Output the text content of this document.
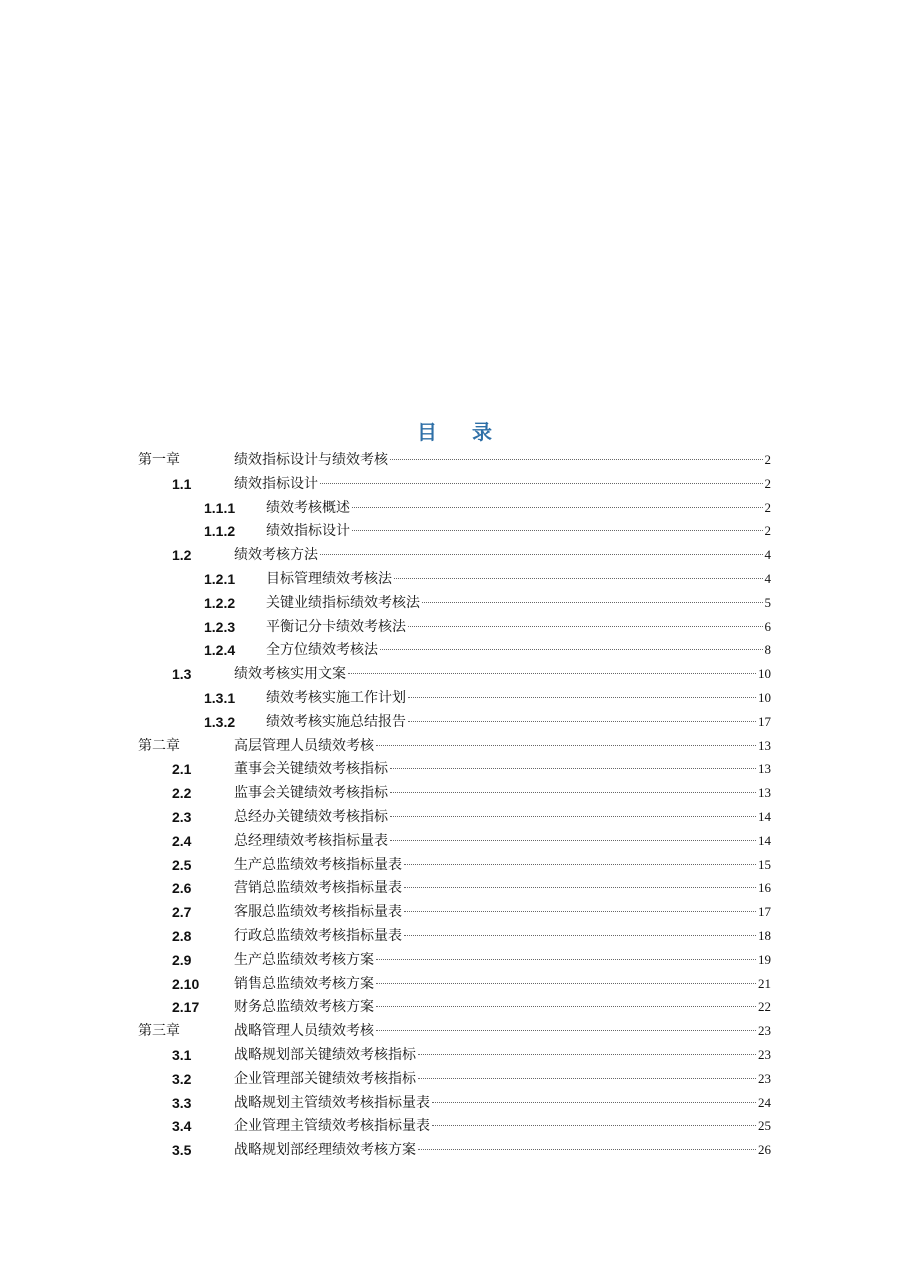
目 录
第一章	绩效指标设计与绩效考核	2
1.1	绩效指标设计	2
1.1.1 绩效考核概述	2
1.1.2 绩效指标设计	2
1.2	绩效考核方法	4
1.2.1 目标管理绩效考核法	4
1.2.2 关键业绩指标绩效考核法	5
1.2.3 平衡记分卡绩效考核法	6
1.2.4 全方位绩效考核法	8
1.3	绩效考核实用文案	10
1.3.1 绩效考核实施工作计划	10
1.3.2 绩效考核实施总结报告	17
第二章	高层管理人员绩效考核	13
2.1	董事会关键绩效考核指标	13
2.2	监事会关键绩效考核指标	13
2.3	总经办关键绩效考核指标	14
2.4	总经理绩效考核指标量表	14
2.5	生产总监绩效考核指标量表	15
2.6	营销总监绩效考核指标量表	16
2.7	客服总监绩效考核指标量表	17
2.8	行政总监绩效考核指标量表	18
2.9	生产总监绩效考核方案	19
2.10 销售总监绩效考核方案	21
2.17 财务总监绩效考核方案	22
第三章	战略管理人员绩效考核	23
3.1	战略规划部关键绩效考核指标	23
3.2	企业管理部关键绩效考核指标	23
3.3	战略规划主管绩效考核指标量表	24
3.4	企业管理主管绩效考核指标量表	25
3.5	战略规划部经理绩效考核方案	26
